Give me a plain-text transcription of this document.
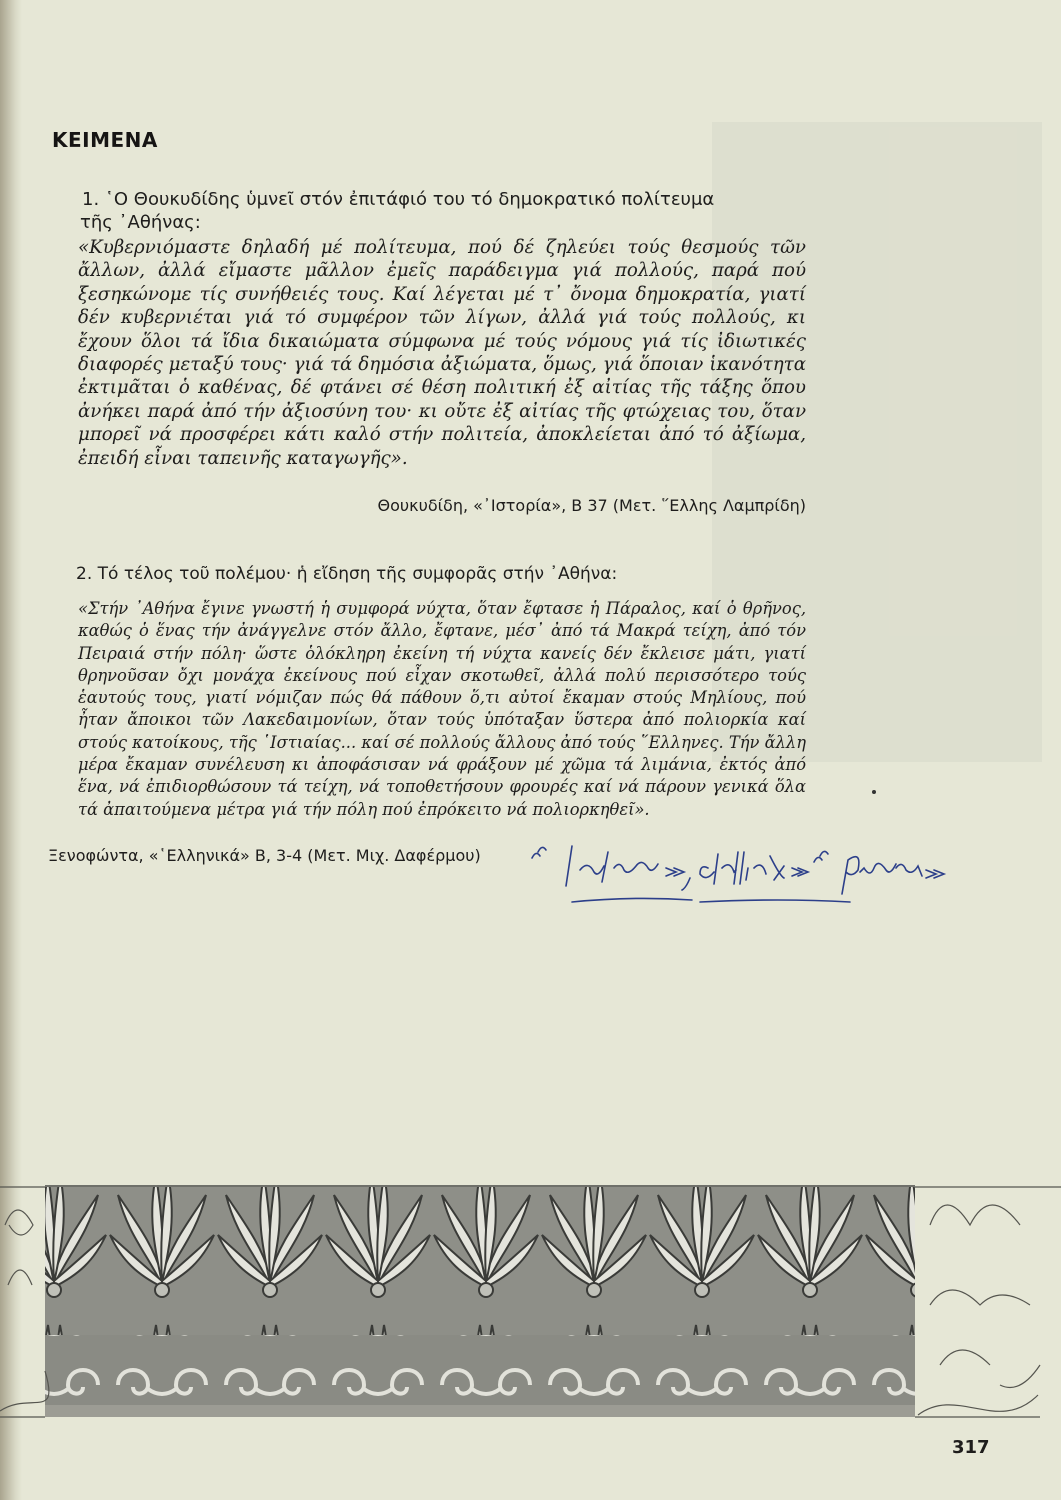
ΚΕΙΜΕΝΑ
1. ῾Ο Θουκυδίδης ὑμνεῖ στόν ἐπιτάφιό του τό δημοκρατικό πολίτευμα
τῆς ᾿Αθήνας:
«Κυβερνιόμαστε δηλαδή μέ πολίτευμα, πού δέ ζηλεύει τούς θεσμούς τῶν ἄλλων, ἀλλά εἴμαστε μᾶλλον ἐμεῖς παράδειγμα γιά πολλούς, παρά πού ξεσηκώνομε τίς συνήθειές τους. Καί λέγεται μέ τ᾽ ὄνομα δημοκρατία, γιατί δέν κυβερνιέται γιά τό συμφέρον τῶν λίγων, ἀλλά γιά τούς πολλούς, κι ἔχουν ὅλοι τά ἴδια δικαιώματα σύμφωνα μέ τούς νόμους γιά τίς ἰδιωτικές διαφορές μεταξύ τους· γιά τά δημόσια ἀξιώματα, ὅμως, γιά ὅποιαν ἱκανότητα ἐκτιμᾶται ὁ καθένας, δέ φτάνει σέ θέση πολιτική ἐξ αἰτίας τῆς τάξης ὅπου ἀνήκει παρά ἀπό τήν ἀξιοσύνη του· κι οὔτε ἐξ αἰτίας τῆς φτώχειας του, ὅταν μπορεῖ νά προσφέρει κάτι καλό στήν πολιτεία, ἀποκλείεται ἀπό τό ἀξίωμα, ἐπειδή εἶναι ταπεινῆς καταγωγῆς».
Θουκυδίδη, «᾿Ιστορία», Β 37 (Μετ. ῞Ελλης Λαμπρίδη)
2. Τό τέλος τοῦ πολέμου· ἡ εἴδηση τῆς συμφορᾶς στήν ᾿Αθήνα:
«Στήν ᾿Αθήνα ἔγινε γνωστή ἡ συμφορά νύχτα, ὅταν ἔφτασε ἡ Πάραλος, καί ὁ θρῆνος, καθώς ὁ ἕνας τήν ἀνάγγελνε στόν ἄλλο, ἔφτανε, μέσ᾽ ἀπό τά Μακρά τείχη, ἀπό τόν Πειραιά στήν πόλη· ὥστε ὁλόκληρη ἐκείνη τή νύχτα κανείς δέν ἔκλεισε μάτι, γιατί θρηνοῦσαν ὄχι μονάχα ἐκείνους πού εἶχαν σκοτωθεῖ, ἀλλά πολύ περισσότερο τούς ἑαυτούς τους, γιατί νόμιζαν πώς θά πάθουν ὅ,τι αὐτοί ἔκαμαν στούς Μηλίους, πού ἦταν ἄποικοι τῶν Λακεδαιμονίων, ὅταν τούς ὑπόταξαν ὕστερα ἀπό πολιορκία καί στούς κατοίκους, τῆς ῾Ιστιαίας... καί σέ πολλούς ἄλλους ἀπό τούς ῞Ελληνες. Τήν ἄλλη μέρα ἔκαμαν συνέλευση κι ἀποφάσισαν νά φράξουν μέ χῶμα τά λιμάνια, ἐκτός ἀπό ἕνα, νά ἐπιδιορθώσουν τά τείχη, νά τοποθετήσουν φρουρές καί νά πάρουν γενικά ὅλα τά ἀπαιτούμενα μέτρα γιά τήν πόλη πού ἐπρόκειτο νά πολιορκηθεῖ».
Ξενοφώντα, «῾Ελληνικά» Β, 3-4 (Μετ. Μιχ. Δαφέρμου)
317
